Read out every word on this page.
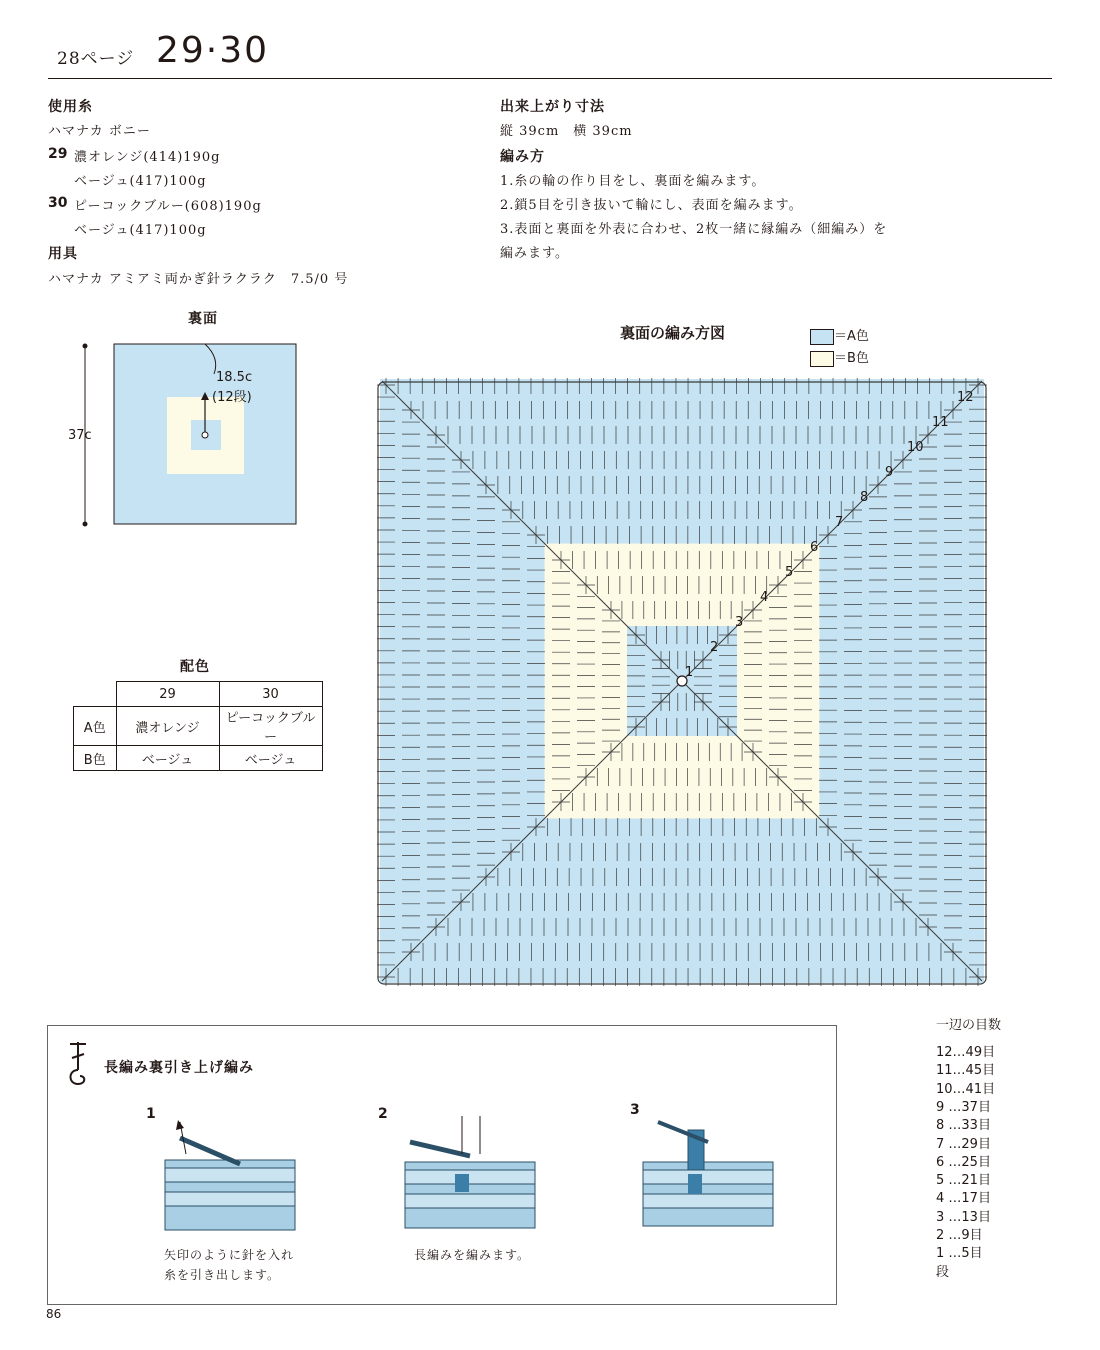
28ページ 29·30
使用糸
ハマナカ ボニー
29 濃オレンジ(414)190g
ベージュ(417)100g
30 ピーコックブルー(608)190g
ベージュ(417)100g
用具
ハマナカ アミアミ両かぎ針ラクラク　7.5/0 号
出来上がり寸法
縦 39cm　横 39cm
編み方
1.糸の輪の作り目をし、裏面を編みます。
2.鎖5目を引き抜いて輪にし、表面を編みます。
3.表面と裏面を外表に合わせ、2枚一緒に縁編み（細編み）を
編みます。
裏面
37c
18.5c
(12段)
配色
	29	30
A色	濃オレンジ	ピーコックブルー
B色	ベージュ	ベージュ
裏面の編み方図	＝A色
＝B色
1
2
3
4
5
6
7
8
9
10
11
12
一辺の目数
12…49目
11…45目
10…41目
9 …37目
8 …33目
7 …29目
6 …25目
5 …21目
4 …17目
3 …13目
2 …9目
1 …5目
段
長編み裏引き上げ編み
1	2	3
矢印のように針を入れ
糸を引き出します。
長編みを編みます。
86
